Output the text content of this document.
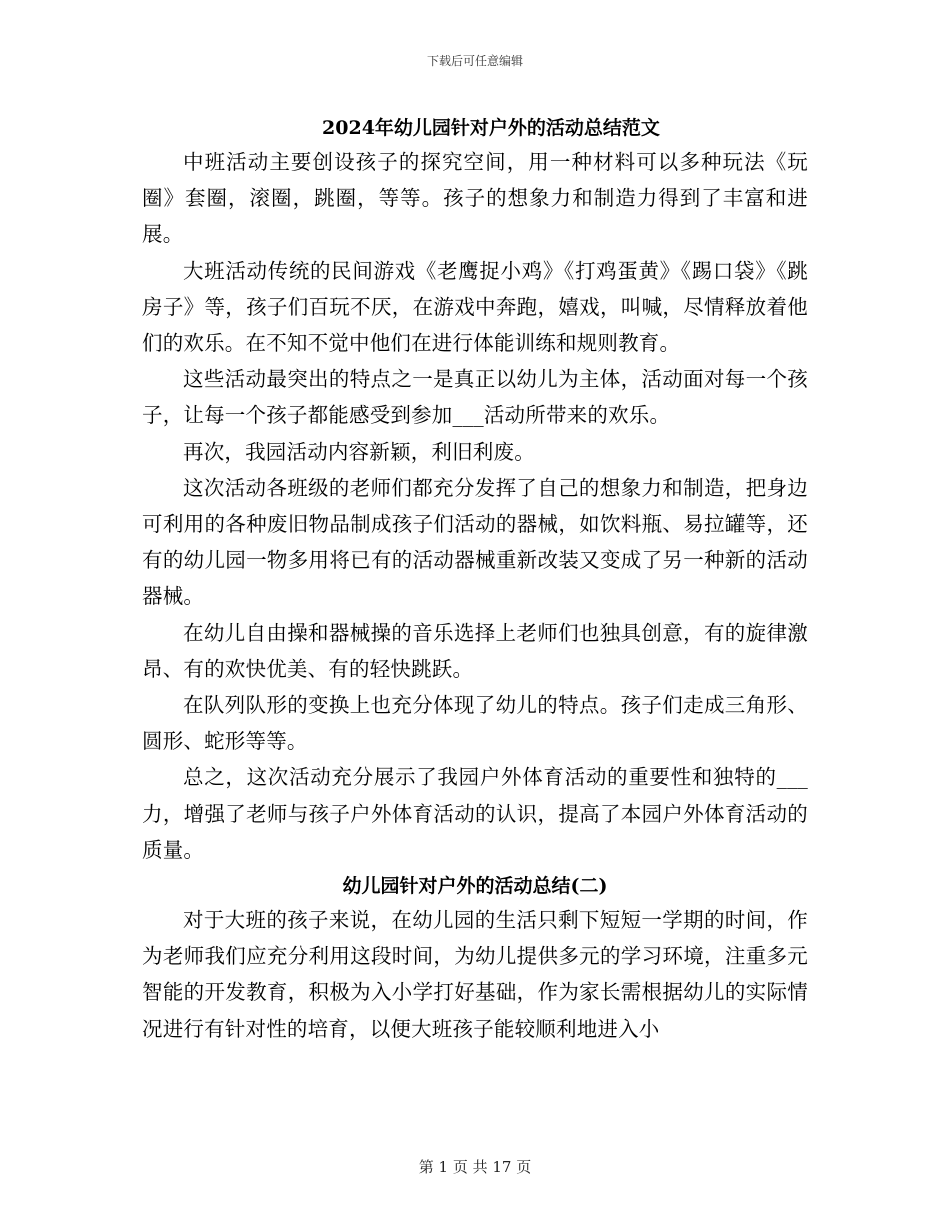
下载后可任意编辑
2024年幼儿园针对户外的活动总结范文

中班活动主要创设孩子的探究空间，用一种材料可以多种玩法《玩圈》套圈，滚圈，跳圈，等等。孩子的想象力和制造力得到了丰富和进展。

大班活动传统的民间游戏《老鹰捉小鸡》《打鸡蛋黄》《踢口袋》《跳房子》等，孩子们百玩不厌，在游戏中奔跑，嬉戏，叫喊，尽情释放着他们的欢乐。在不知不觉中他们在进行体能训练和规则教育。

这些活动最突出的特点之一是真正以幼儿为主体，活动面对每一个孩子，让每一个孩子都能感受到参加___活动所带来的欢乐。

再次，我园活动内容新颖，利旧利废。

这次活动各班级的老师们都充分发挥了自己的想象力和制造，把身边可利用的各种废旧物品制成孩子们活动的器械，如饮料瓶、易拉罐等，还有的幼儿园一物多用将已有的活动器械重新改装又变成了另一种新的活动器械。

在幼儿自由操和器械操的音乐选择上老师们也独具创意，有的旋律激昂、有的欢快优美、有的轻快跳跃。

在队列队形的变换上也充分体现了幼儿的特点。孩子们走成三角形、圆形、蛇形等等。

总之，这次活动充分展示了我园户外体育活动的重要性和独特的___力，增强了老师与孩子户外体育活动的认识，提高了本园户外体育活动的质量。

幼儿园针对户外的活动总结(二)

对于大班的孩子来说，在幼儿园的生活只剩下短短一学期的时间，作为老师我们应充分利用这段时间，为幼儿提供多元的学习环境，注重多元智能的开发教育，积极为入小学打好基础，作为家长需根据幼儿的实际情况进行有针对性的培育，以便大班孩子能较顺利地进入小

第 1 页 共 17 页
